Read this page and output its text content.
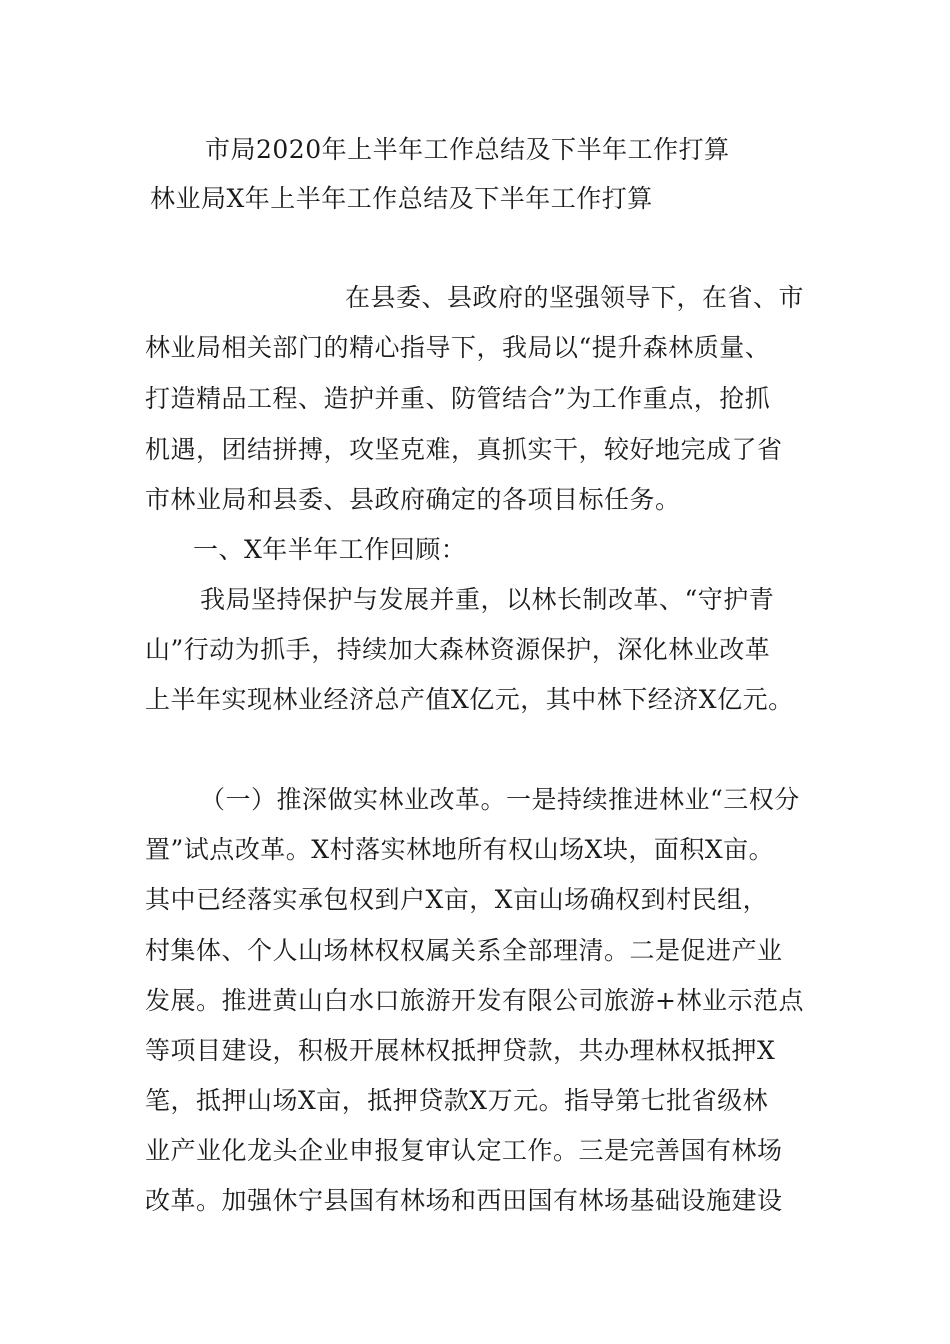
市局2020年上半年工作总结及下半年工作打算
林业局X年上半年工作总结及下半年工作打算
在县委、县政府的坚强领导下，在省、市
林业局相关部门的精心指导下，我局以“提升森林质量、
打造精品工程、造护并重、防管结合”为工作重点，抢抓
机遇，团结拼搏，攻坚克难，真抓实干，较好地完成了省
市林业局和县委、县政府确定的各项目标任务。
一、X年半年工作回顾：
我局坚持保护与发展并重，以林长制改革、“守护青
山”行动为抓手，持续加大森林资源保护，深化林业改革
上半年实现林业经济总产值X亿元，其中林下经济X亿元。
（一）推深做实林业改革。一是持续推进林业“三权分
置”试点改革。X村落实林地所有权山场X块，面积X亩。
其中已经落实承包权到户X亩，X亩山场确权到村民组，
村集体、个人山场林权权属关系全部理清。二是促进产业
发展。推进黄山白水口旅游开发有限公司旅游+林业示范点
等项目建设，积极开展林权抵押贷款，共办理林权抵押X
笔，抵押山场X亩，抵押贷款X万元。指导第七批省级林
业产业化龙头企业申报复审认定工作。三是完善国有林场
改革。加强休宁县国有林场和西田国有林场基础设施建设
